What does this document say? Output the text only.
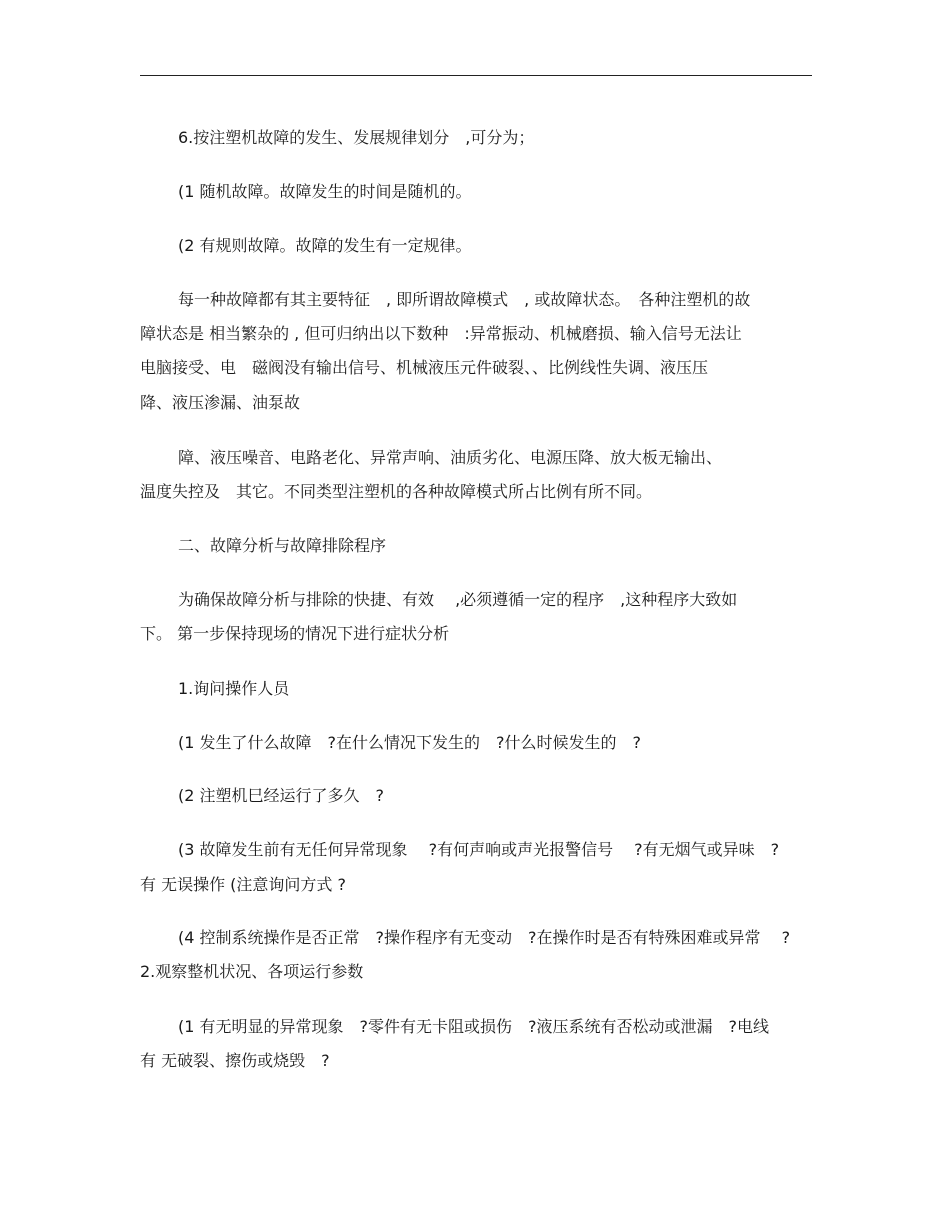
6.按注塑机故障的发生、发展规律划分　,可分为；
(1 随机故障。故障发生的时间是随机的。
(2 有规则故障。故障的发生有一定规律。
每一种故障都有其主要特征　, 即所谓故障模式　, 或故障状态。　各种注塑机的故
障状态是 相当繁杂的 , 但可归纳出以下数种　:异常振动、机械磨损、输入信号无法让
电脑接受、电　磁阀没有输出信号、机械液压元件破裂、、比例线性失调、液压压
降、液压渗漏、油泵故
障、液压噪音、电路老化、异常声响、油质劣化、电源压降、放大板无输出、
温度失控及　其它。不同类型注塑机的各种故障模式所占比例有所不同。
二、故障分析与故障排除程序
为确保故障分析与排除的快捷、有效　 ,必须遵循一定的程序　,这种程序大致如
下。 第一步保持现场的情况下进行症状分析
1.询问操作人员
(1 发生了什么故障　?在什么情况下发生的　?什么时候发生的　?
(2 注塑机巳经运行了多久　?
(3 故障发生前有无任何异常现象　 ?有何声响或声光报警信号　 ?有无烟气或异味　?
有 无误操作 (注意询问方式 ?
(4 控制系统操作是否正常　?操作程序有无变动　?在操作时是否有特殊困难或异常　 ?
2.观察整机状况、各项运行参数
(1 有无明显的异常现象　?零件有无卡阻或损伤　?液压系统有否松动或泄漏　?电线
有 无破裂、擦伤或烧毁　?
